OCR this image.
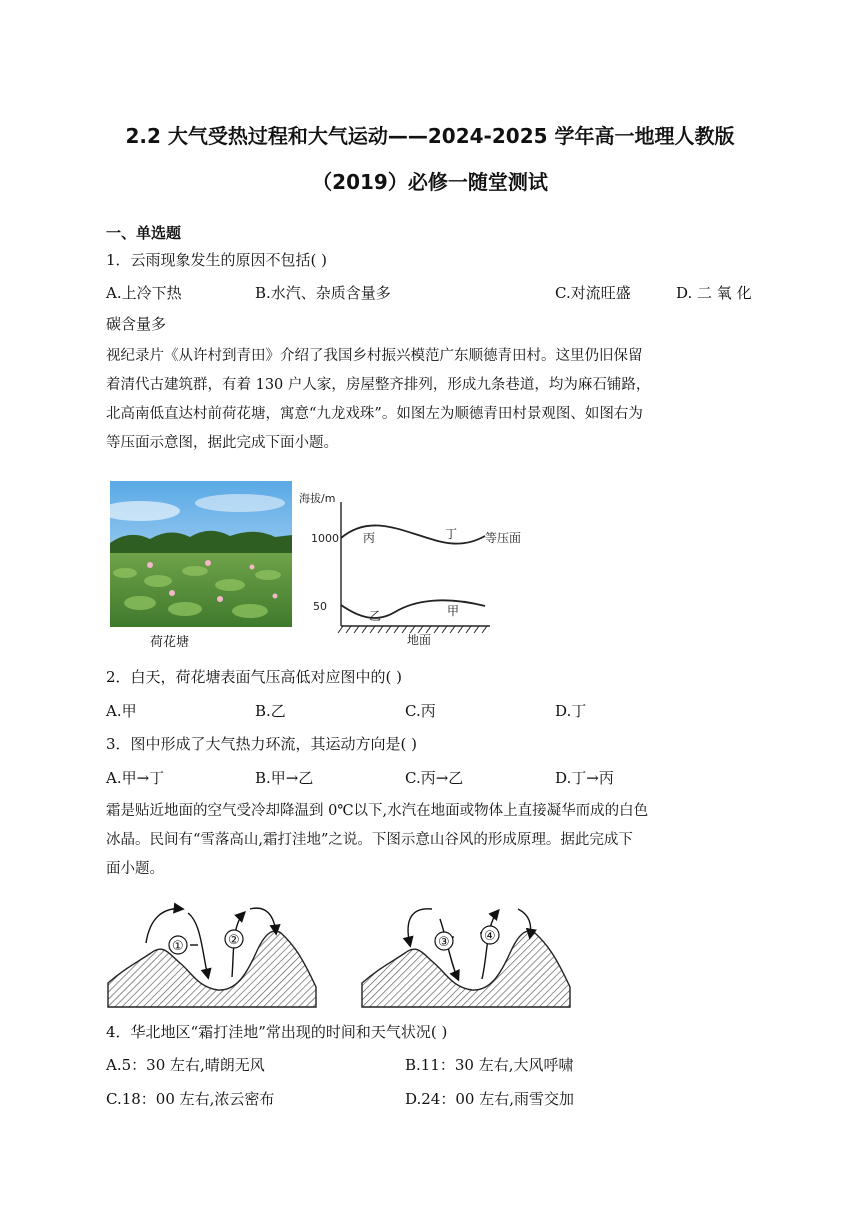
2.2 大气受热过程和大气运动——2024-2025 学年高一地理人教版
（2019）必修一随堂测试
一、单选题
1．云雨现象发生的原因不包括( )
A.上冷下热	B.水汽、杂质含量多	C.对流旺盛	D. 二 氧 化
碳含量多
视纪录片《从许村到青田》介绍了我国乡村振兴模范广东顺德青田村。这里仍旧保留
着清代古建筑群，有着 130 户人家，房屋整齐排列，形成九条巷道，均为麻石铺路，
北高南低直达村前荷花塘，寓意“九龙戏珠”。如图左为顺德青田村景观图、如图右为
等压面示意图，据此完成下面小题。
荷花塘
海拔/m
1000
50
丙	丁
乙	甲
等压面
地面
2．白天，荷花塘表面气压高低对应图中的( )
A.甲	B.乙	C.丙	D.丁
3．图中形成了大气热力环流，其运动方向是( )
A.甲→丁	B.甲→乙	C.丙→乙	D.丁→丙
霜是贴近地面的空气受冷却降温到 0℃以下,水汽在地面或物体上直接凝华而成的白色
冰晶。民间有“雪落高山,霜打洼地”之说。下图示意山谷风的形成原理。据此完成下
面小题。
①	②	③	④
4．华北地区“霜打洼地”常出现的时间和天气状况( )
A.5：30 左右,晴朗无风	B.11：30 左右,大风呼啸
C.18：00 左右,浓云密布	D.24：00 左右,雨雪交加
